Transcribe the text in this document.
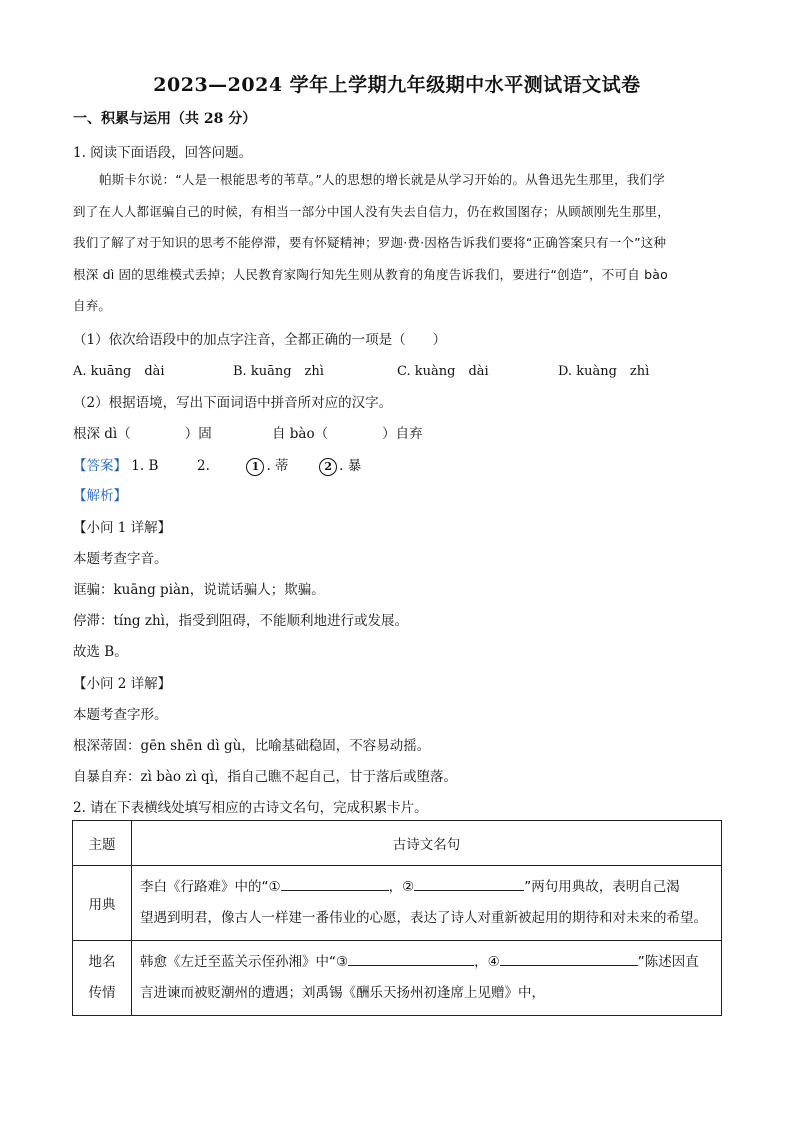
2023—2024 学年上学期九年级期中水平测试语文试卷
一、积累与运用（共 28 分）
1. 阅读下面语段，回答问题。
帕斯卡尔说：“人是一根能思考的苇草。”人的思想的增长就是从学习开始的。从鲁迅先生那里，我们学
到了在人人都诓骗自己的时候，有相当一部分中国人没有失去自信力，仍在救国图存；从顾颉刚先生那里，
我们了解了对于知识的思考不能停滞，要有怀疑精神；罗迦·费·因格告诉我们要将“正确答案只有一个”这种
根深 dì 固的思维模式丢掉；人民教育家陶行知先生则从教育的角度告诉我们，要进行“创造”，不可自 bào
自弃。
（1）依次给语段中的加点字注音，全都正确的一项是（　　）
A. kuāng　dài	B. kuāng　zhì	C. kuàng　dài	D. kuàng　zhì
（2）根据语境，写出下面词语中拼音所对应的汉字。
根深 dì（　　　　）固	自 bào（　　　　）自弃
【答案】 1. B	2.	1 . 蒂	2 . 暴
【解析】
【小问 1 详解】
本题考查字音。
诓骗：kuāng piàn，说谎话骗人；欺骗。
停滞：tíng zhì，指受到阻碍，不能顺利地进行或发展。
故选 B。
【小问 2 详解】
本题考查字形。
根深蒂固：gēn shēn dì gù，比喻基础稳固，不容易动摇。
自暴自弃：zì bào zì qì，指自己瞧不起自己，甘于落后或堕落。
2. 请在下表横线处填写相应的古诗文名句，完成积累卡片。
主题	古诗文名句
用典	李白《行路难》中的“① ，② ”两句用典故，表明自己渴
望遇到明君，像古人一样建一番伟业的心愿，表达了诗人对重新被起用的期待和对未来的希望。

地名
传情	韩愈《左迁至蓝关示侄孙湘》中“③ ，④ ”陈述因直
言进谏而被贬潮州的遭遇；刘禹锡《酬乐天扬州初逢席上见赠》中，
